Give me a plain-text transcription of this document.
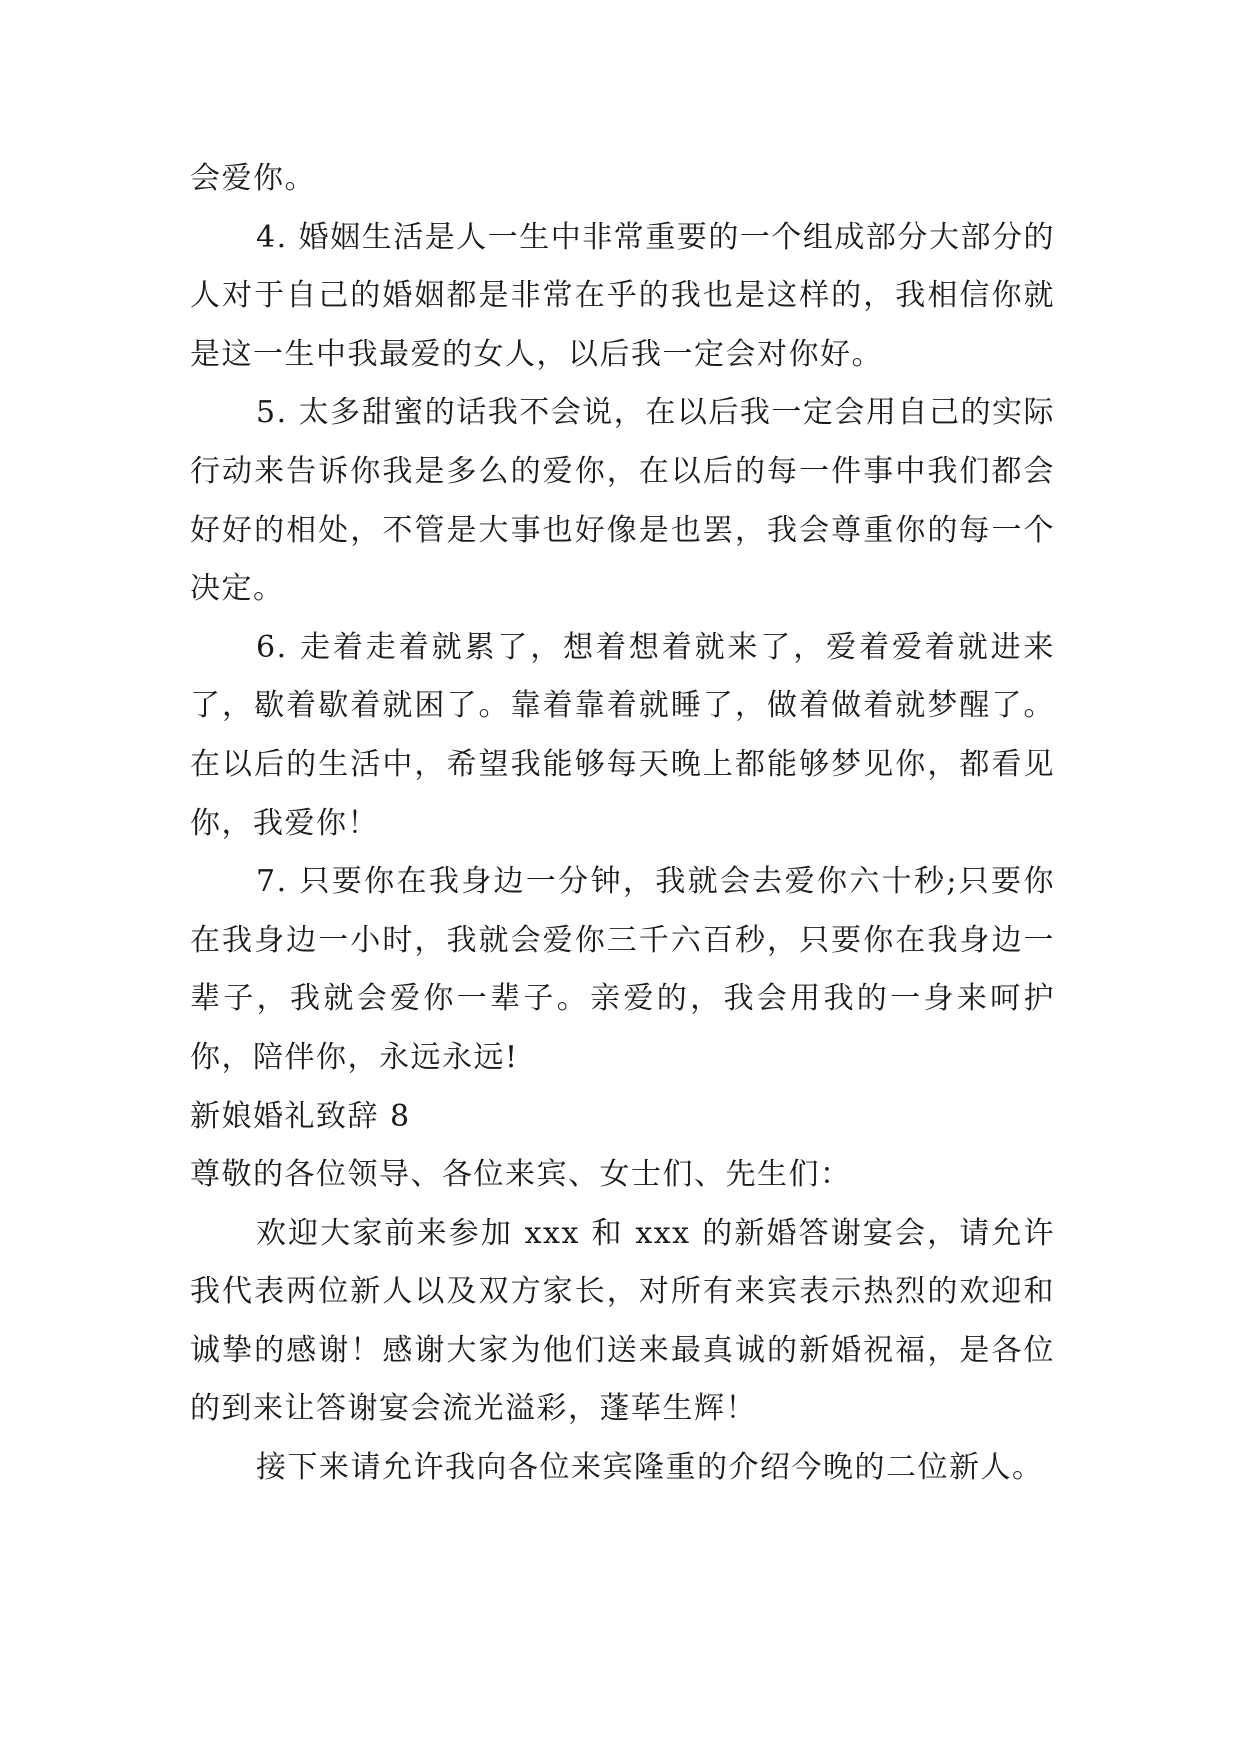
会爱你。

4. 婚姻生活是人一生中非常重要的一个组成部分大部分的人对于自己的婚姻都是非常在乎的我也是这样的，我相信你就是这一生中我最爱的女人，以后我一定会对你好。

5. 太多甜蜜的话我不会说，在以后我一定会用自己的实际行动来告诉你我是多么的爱你，在以后的每一件事中我们都会好好的相处，不管是大事也好像是也罢，我会尊重你的每一个决定。

6. 走着走着就累了，想着想着就来了，爱着爱着就进来了，歇着歇着就困了。靠着靠着就睡了，做着做着就梦醒了。在以后的生活中，希望我能够每天晚上都能够梦见你，都看见你，我爱你！

7. 只要你在我身边一分钟，我就会去爱你六十秒;只要你在我身边一小时，我就会爱你三千六百秒，只要你在我身边一辈子，我就会爱你一辈子。亲爱的，我会用我的一身来呵护你，陪伴你，永远永远!

新娘婚礼致辞 8

尊敬的各位领导、各位来宾、女士们、先生们：

欢迎大家前来参加 xxx 和 xxx 的新婚答谢宴会，请允许我代表两位新人以及双方家长，对所有来宾表示热烈的欢迎和诚挚的感谢！感谢大家为他们送来最真诚的新婚祝福，是各位的到来让答谢宴会流光溢彩，蓬荜生辉！

接下来请允许我向各位来宾隆重的介绍今晚的二位新人。
